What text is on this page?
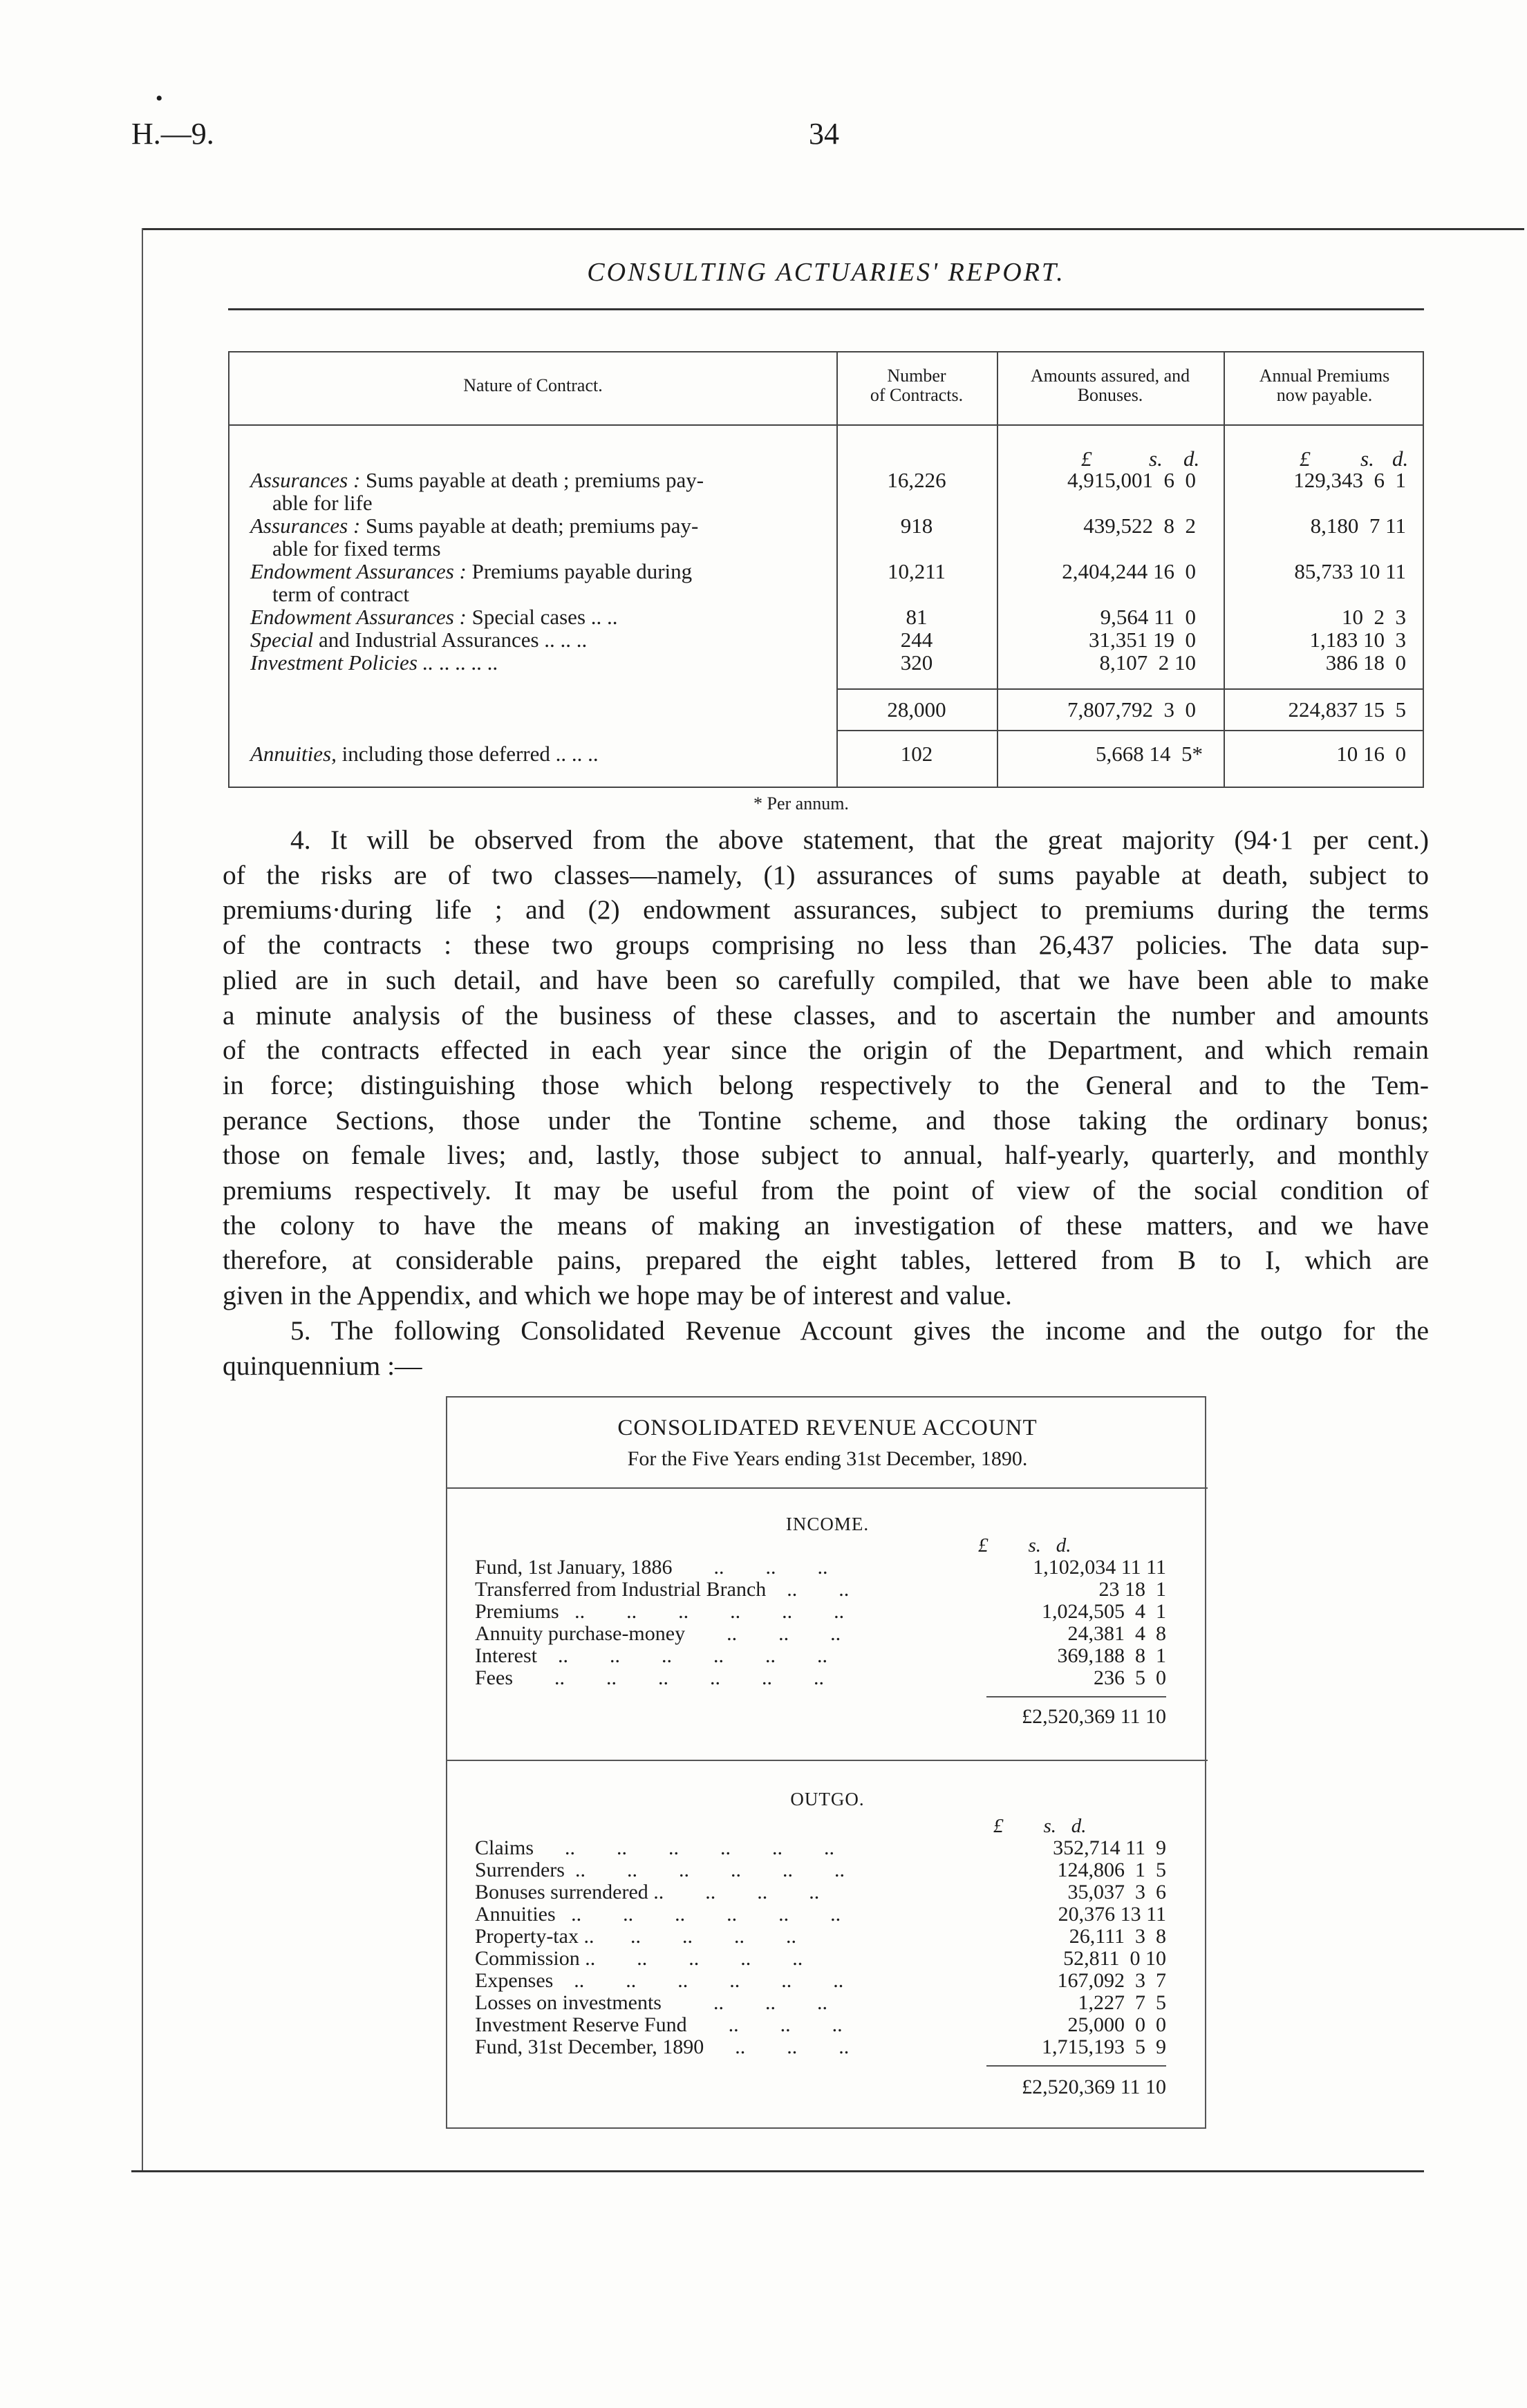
•
H.—9.	34
CONSULTING ACTUARIES' REPORT.
Nature of Contract.	Number
of Contracts.
Amounts assured, and
Bonuses.
Annual Premiums
now payable.
£	s. d.	£ s. d.
Assurances : Sums payable at death ; premiums pay-
able for life
16,226	4,915,001  6  0	129,343  6  1
Assurances : Sums payable at death; premiums pay-
able for fixed terms
918	439,522  8  2	8,180  7 11
Endowment Assurances : Premiums payable during
term of contract
10,211	2,404,244 16  0	85,733 10 11
Endowment Assurances : Special cases .. ..	81	9,564 11  0	10  2  3
Special and Industrial Assurances .. .. ..	244	31,351 19  0	1,183 10  3
Investment Policies .. .. .. .. ..	320	8,107  2 10	386 18  0
28,000	7,807,792  3  0	224,837 15  5
Annuities, including those deferred .. .. ..	102	5,668 14  5*	10 16  0
* Per annum.
4. It will be observed from the above statement, that the great majority (94·1 per cent.)
of the risks are of two classes—namely, (1) assurances of sums payable at death, subject to
premiums·during life ; and (2) endowment assurances, subject to premiums during the terms
of the contracts : these two groups comprising no less than 26,437 policies. The data sup-
plied are in such detail, and have been so carefully compiled, that we have been able to make
a minute analysis of the business of these classes, and to ascertain the number and amounts
of the contracts effected in each year since the origin of the Department, and which remain
in force; distinguishing those which belong respectively to the General and to the Tem-
perance Sections, those under the Tontine scheme, and those taking the ordinary bonus;
those on female lives; and, lastly, those subject to annual, half-yearly, quarterly, and monthly
premiums respectively. It may be useful from the point of view of the social condition of
the colony to have the means of making an investigation of these matters, and we have
therefore, at considerable pains, prepared the eight tables, lettered from B to I, which are
given in the Appendix, and which we hope may be of interest and value.
5. The following Consolidated Revenue Account gives the income and the outgo for the
quinquennium :—
CONSOLIDATED REVENUE ACCOUNT
For the Five Years ending 31st December, 1890.
INCOME.
£        s.   d.
Fund, 1st January, 1886        ..        ..        ..	1,102,034 11 11
Transferred from Industrial Branch    ..        ..	23 18  1
Premiums   ..        ..        ..        ..        ..        ..	1,024,505  4  1
Annuity purchase-money        ..        ..        ..	24,381  4  8
Interest    ..        ..        ..        ..        ..        ..	369,188  8  1
Fees        ..        ..        ..        ..        ..        ..	236  5  0
£2,520,369 11 10
OUTGO.
£        s.   d.
Claims      ..        ..        ..        ..        ..        ..	352,714 11  9
Surrenders  ..        ..        ..        ..        ..        ..	124,806  1  5
Bonuses surrendered ..        ..        ..        ..	35,037  3  6
Annuities   ..        ..        ..        ..        ..        ..	20,376 13 11
Property-tax ..       ..        ..        ..        ..	26,111  3  8
Commission ..        ..        ..        ..        ..	52,811  0 10
Expenses    ..        ..        ..        ..        ..        ..	167,092  3  7
Losses on investments          ..        ..        ..	1,227  7  5
Investment Reserve Fund        ..        ..        ..	25,000  0  0
Fund, 31st December, 1890      ..        ..        ..	1,715,193  5  9
£2,520,369 11 10
